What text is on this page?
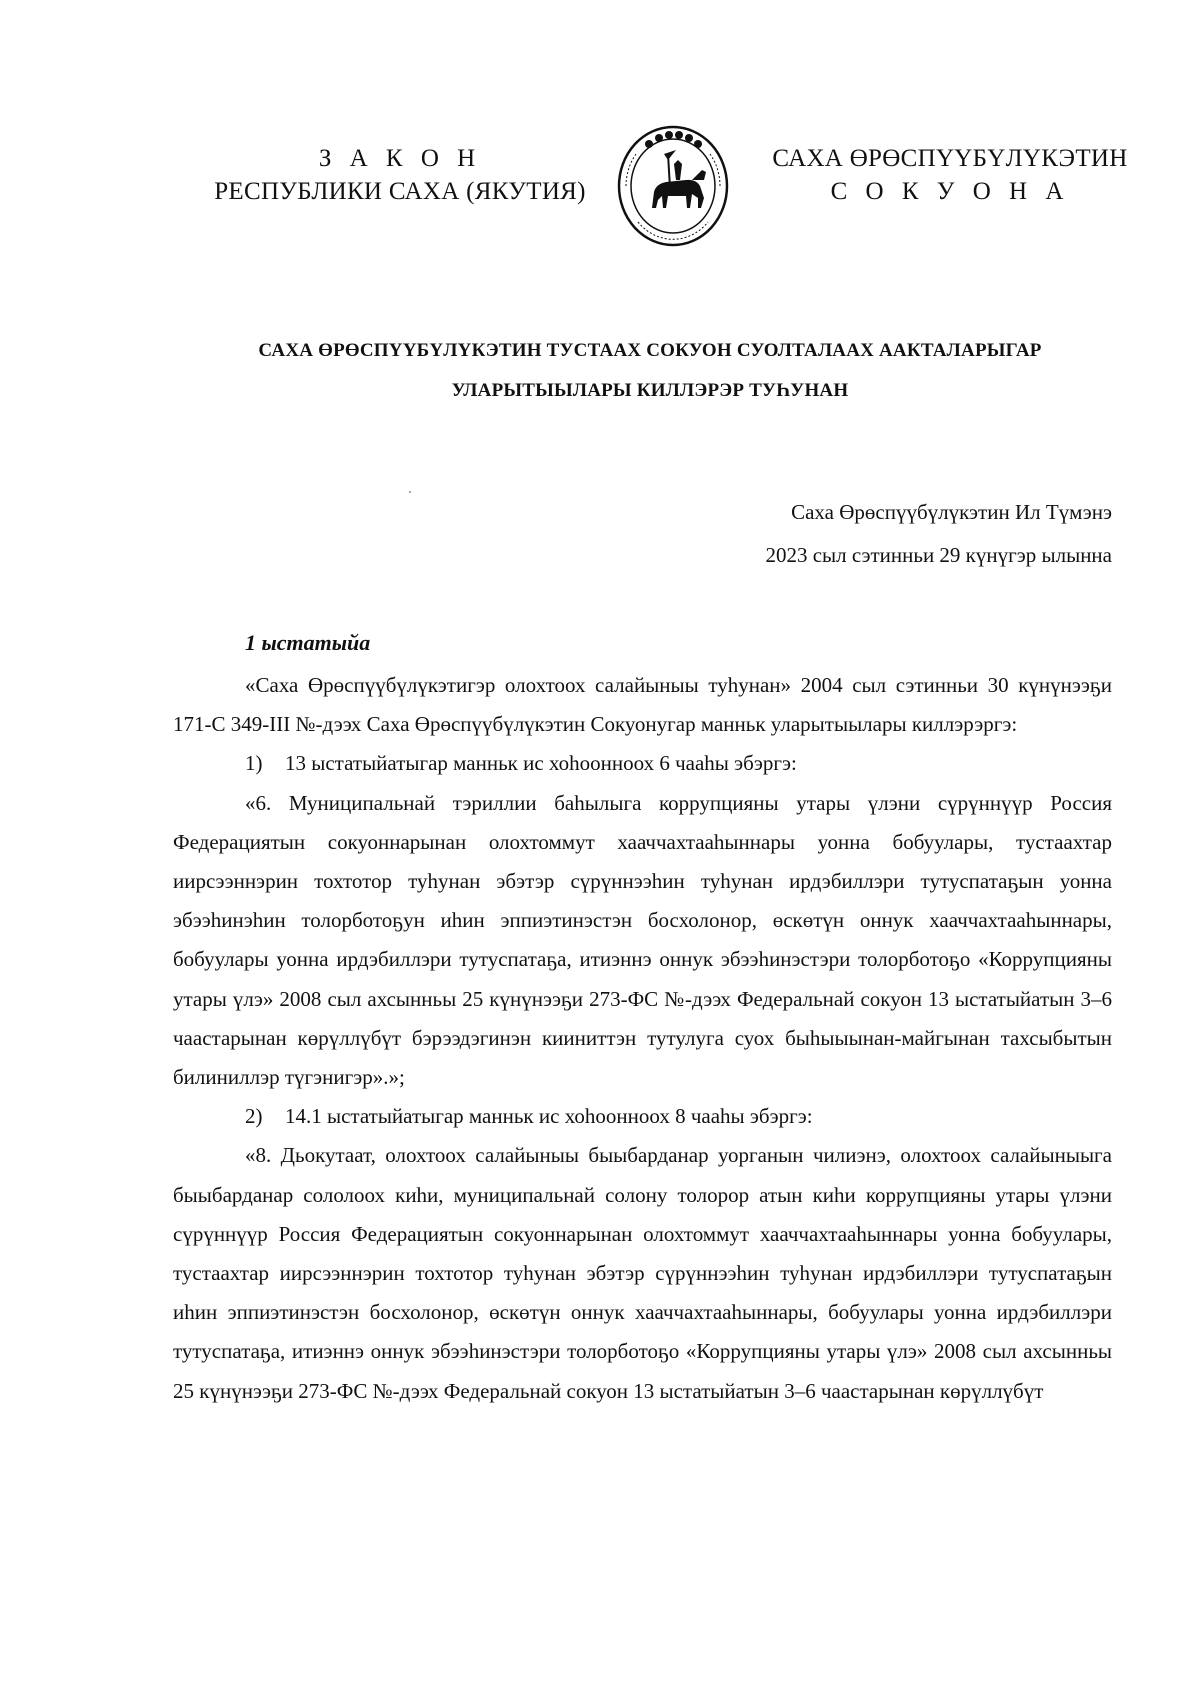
З А К О Н
РЕСПУБЛИКИ САХА (ЯКУТИЯ)
САХА ӨРӨСПҮҮБҮЛҮКЭТИН
С О К У О Н А
САХА ӨРӨСПҮҮБҮЛҮКЭТИН ТУСТААХ СОКУОН СУОЛТАЛААХ ААКТАЛАРЫГАР
УЛАРЫТЫЫЛАРЫ КИЛЛЭРЭР ТУҺУНАН
Саха Өрөспүүбүлүкэтин Ил Түмэнэ
2023 сыл сэтинньи 29 күнүгэр ылынна
1 ыстатыйа

«Саха Өрөспүүбүлүкэтигэр олохтоох салайыныы туһунан» 2004 сыл сэтинньи 30 күнүнээҕи 171-С 349-III №-дээх Саха Өрөспүүбүлүкэтин Сокуонугар манньк уларытыылары киллэрэргэ:

1) 13 ыстатыйатыгар манньк ис хоһооннoох 6 чааһы эбэргэ:

«6. Муниципальнай тэриллии баһылыга коррупцияны утары үлэни сүрүннүүр Россия Федерациятын сокуоннарынан олохтоммут хааччахтааһыннары уонна бобуулары, тустаахтар иирсээннэрин тохтотор туһунан эбэтэр сүрүннээһин туһунан ирдэбиллэри тутуспатаҕын уонна эбээһинэһин толорботоҕун иһин эппиэтинэстэн босхолонор, өскөтүн оннук хааччахтааһыннары, бобуулары уонна ирдэбиллэри тутуспатаҕа, итиэннэ оннук эбээһинэстэри толорботоҕо «Коррупцияны утары үлэ» 2008 сыл ахсынньы 25 күнүнээҕи 273-ФС №-дээх Федеральнай сокуон 13 ыстатыйатын 3–6 чаастарынан көрүллүбүт бэрээдэгинэн кииниттэн тутулуга суох быһыыынан-майгынан тахсыбытын билиниллэр түгэнигэр».»;

2) 14.1 ыстатыйатыгар манньк ис хоһооннoох 8 чааһы эбэргэ:

«8. Дьокутаат, олохтоох салайыныы быыбарданар уорганын чилиэнэ, олохтоох салайыныыга быыбарданар сололоох киһи, муниципальнай солону толорор атын киһи коррупцияны утары үлэни сүрүннүүр Россия Федерациятын сокуоннарынан олохтоммут хааччахтааһыннары уонна бобуулары, тустаахтар иирсээннэрин тохтотор туһунан эбэтэр сүрүннээһин туһунан ирдэбиллэри тутуспатаҕын иһин эппиэтинэстэн босхолонор, өскөтүн оннук хааччахтааһыннары, бобуулары уонна ирдэбиллэри тутуспатаҕа, итиэннэ оннук эбээһинэстэри толорботоҕо «Коррупцияны утары үлэ» 2008 сыл ахсынньы 25 күнүнээҕи 273-ФС №-дээх Федеральнай сокуон 13 ыстатыйатын 3–6 чаастарынан көрүллүбүт
